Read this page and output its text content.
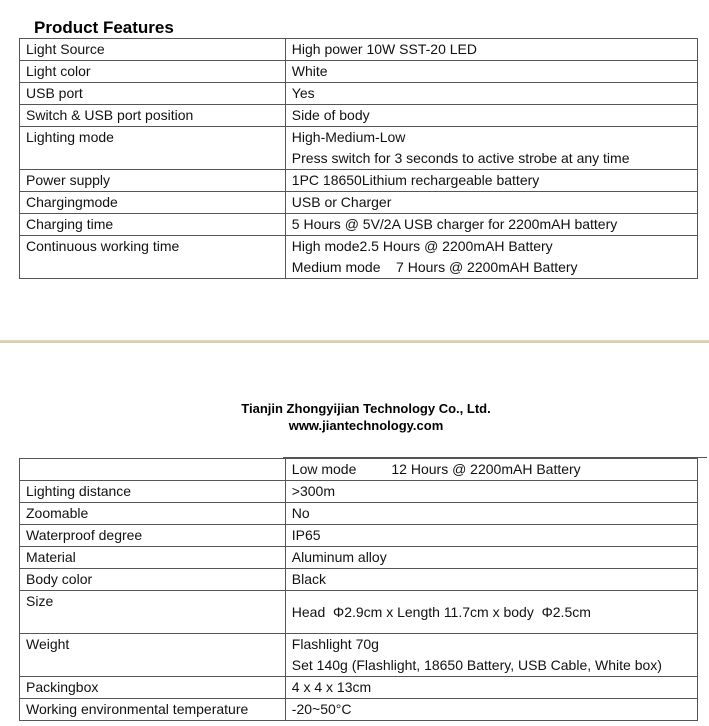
Product Features
Light Source	High power 10W SST-20 LED

Light color	White

USB port	Yes

Switch & USB port position	Side of body

Lighting mode	High-Medium-Low
Press switch for 3 seconds to active strobe at any time

Power supply	1PC 18650Lithium rechargeable battery

Chargingmode	USB or Charger

Charging time	5 Hours @ 5V/2A USB charger for 2200mAH battery

Continuous working time	High mode2.5 Hours @ 2200mAH Battery
Medium mode    7 Hours @ 2200mAH Battery
Tianjin Zhongyijian Technology Co., Ltd.
www.jiantechnology.com

	Low mode         12 Hours @ 2200mAH Battery

Lighting distance	>300m

Zoomable	No

Waterproof degree	IP65

Material	Aluminum alloy

Body color	Black

Size	Head  Φ2.9cm x Length 11.7cm x body  Φ2.5cm

Weight	Flashlight 70g
Set 140g (Flashlight, 18650 Battery, USB Cable, White box)

Packingbox	4 x 4 x 13cm

Working environmental temperature	-20~50°C
